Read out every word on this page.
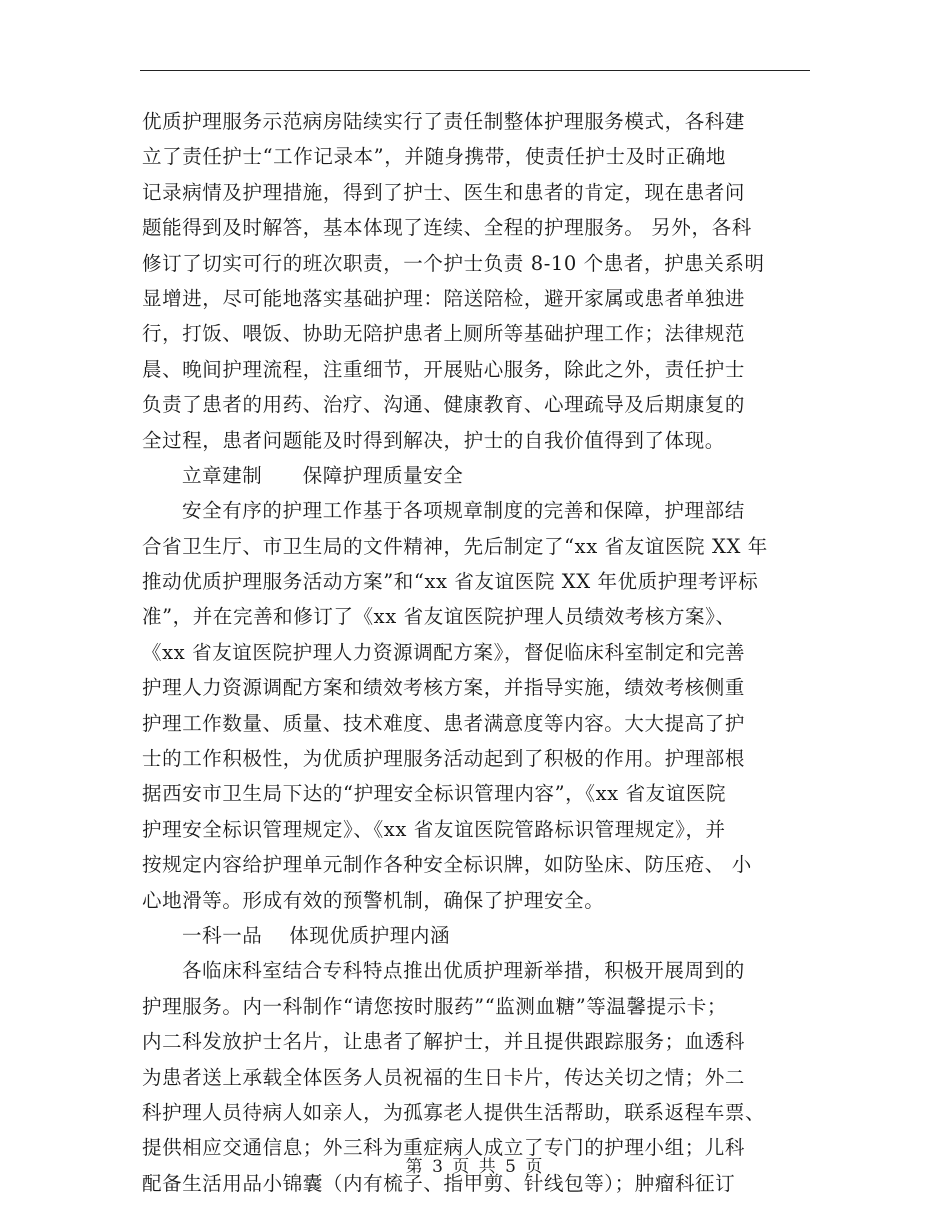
优质护理服务示范病房陆续实行了责任制整体护理服务模式，各科建
立了责任护士“工作记录本”，并随身携带，使责任护士及时正确地
记录病情及护理措施，得到了护士、医生和患者的肯定，现在患者问
题能得到及时解答，基本体现了连续、全程的护理服务。 另外，各科
修订了切实可行的班次职责，一个护士负责 8-10 个患者，护患关系明
显增进，尽可能地落实基础护理：陪送陪检，避开家属或患者单独进
行，打饭、喂饭、协助无陪护患者上厕所等基础护理工作；法律规范
晨、晚间护理流程，注重细节，开展贴心服务，除此之外，责任护士
负责了患者的用药、治疗、沟通、健康教育、心理疏导及后期康复的
全过程，患者问题能及时得到解决，护士的自我价值得到了体现。
立章建制　　保障护理质量安全
安全有序的护理工作基于各项规章制度的完善和保障，护理部结
合省卫生厅、市卫生局的文件精神，先后制定了“xx 省友谊医院 XX 年
推动优质护理服务活动方案”和“xx 省友谊医院 XX 年优质护理考评标
准”，并在完善和修订了《xx 省友谊医院护理人员绩效考核方案》、
《xx 省友谊医院护理人力资源调配方案》，督促临床科室制定和完善
护理人力资源调配方案和绩效考核方案，并指导实施，绩效考核侧重
护理工作数量、质量、技术难度、患者满意度等内容。大大提高了护
士的工作积极性，为优质护理服务活动起到了积极的作用。护理部根
据西安市卫生局下达的“护理安全标识管理内容”，《xx 省友谊医院
护理安全标识管理规定》、《xx 省友谊医院管路标识管理规定》，并
按规定内容给护理单元制作各种安全标识牌，如防坠床、防压疮、 小
心地滑等。形成有效的预警机制，确保了护理安全。
一科一品　 体现优质护理内涵
各临床科室结合专科特点推出优质护理新举措，积极开展周到的
护理服务。内一科制作“请您按时服药”“监测血糖”等温馨提示卡；
内二科发放护士名片，让患者了解护士，并且提供跟踪服务；血透科
为患者送上承载全体医务人员祝福的生日卡片，传达关切之情；外二
科护理人员待病人如亲人，为孤寡老人提供生活帮助，联系返程车票、
提供相应交通信息；外三科为重症病人成立了专门的护理小组；儿科
配备生活用品小锦囊（内有梳子、指甲剪、针线包等）；肿瘤科征订
第 3 页 共 5 页
